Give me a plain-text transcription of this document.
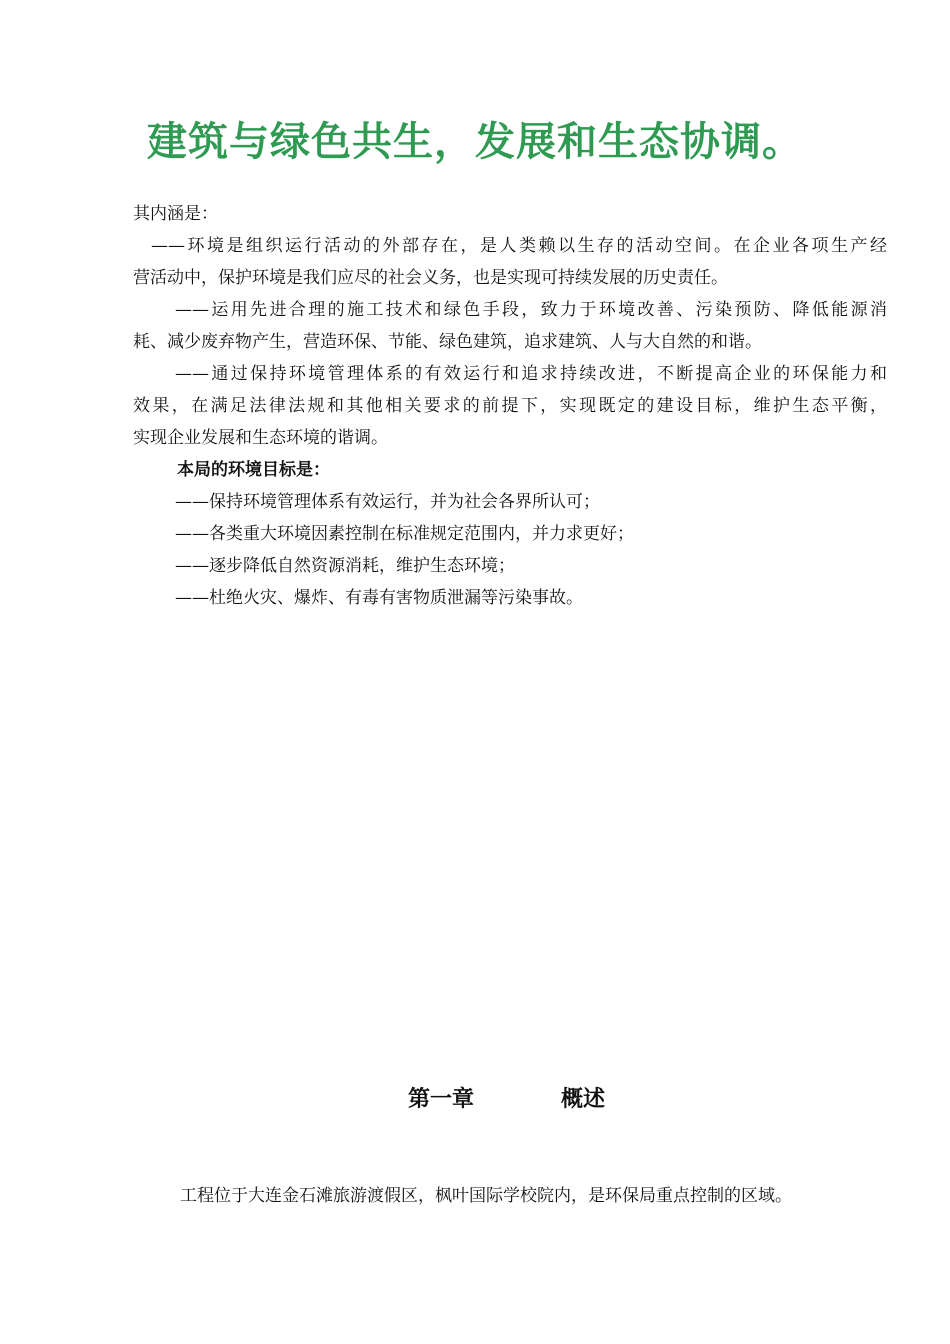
建筑与绿色共生，发展和生态协调。
其内涵是：
——环境是组织运行活动的外部存在，是人类赖以生存的活动空间。在企业各项生产经
营活动中，保护环境是我们应尽的社会义务，也是实现可持续发展的历史责任。
——运用先进合理的施工技术和绿色手段，致力于环境改善、污染预防、降低能源消
耗、减少废弃物产生，营造环保、节能、绿色建筑，追求建筑、人与大自然的和谐。
——通过保持环境管理体系的有效运行和追求持续改进，不断提高企业的环保能力和
效果，在满足法律法规和其他相关要求的前提下，实现既定的建设目标，维护生态平衡，
实现企业发展和生态环境的谐调。
本局的环境目标是：
——保持环境管理体系有效运行，并为社会各界所认可；
——各类重大环境因素控制在标准规定范围内，并力求更好；
——逐步降低自然资源消耗，维护生态环境；
——杜绝火灾、爆炸、有毒有害物质泄漏等污染事故。
第一章	概述
工程位于大连金石滩旅游渡假区，枫叶国际学校院内，是环保局重点控制的区域。
